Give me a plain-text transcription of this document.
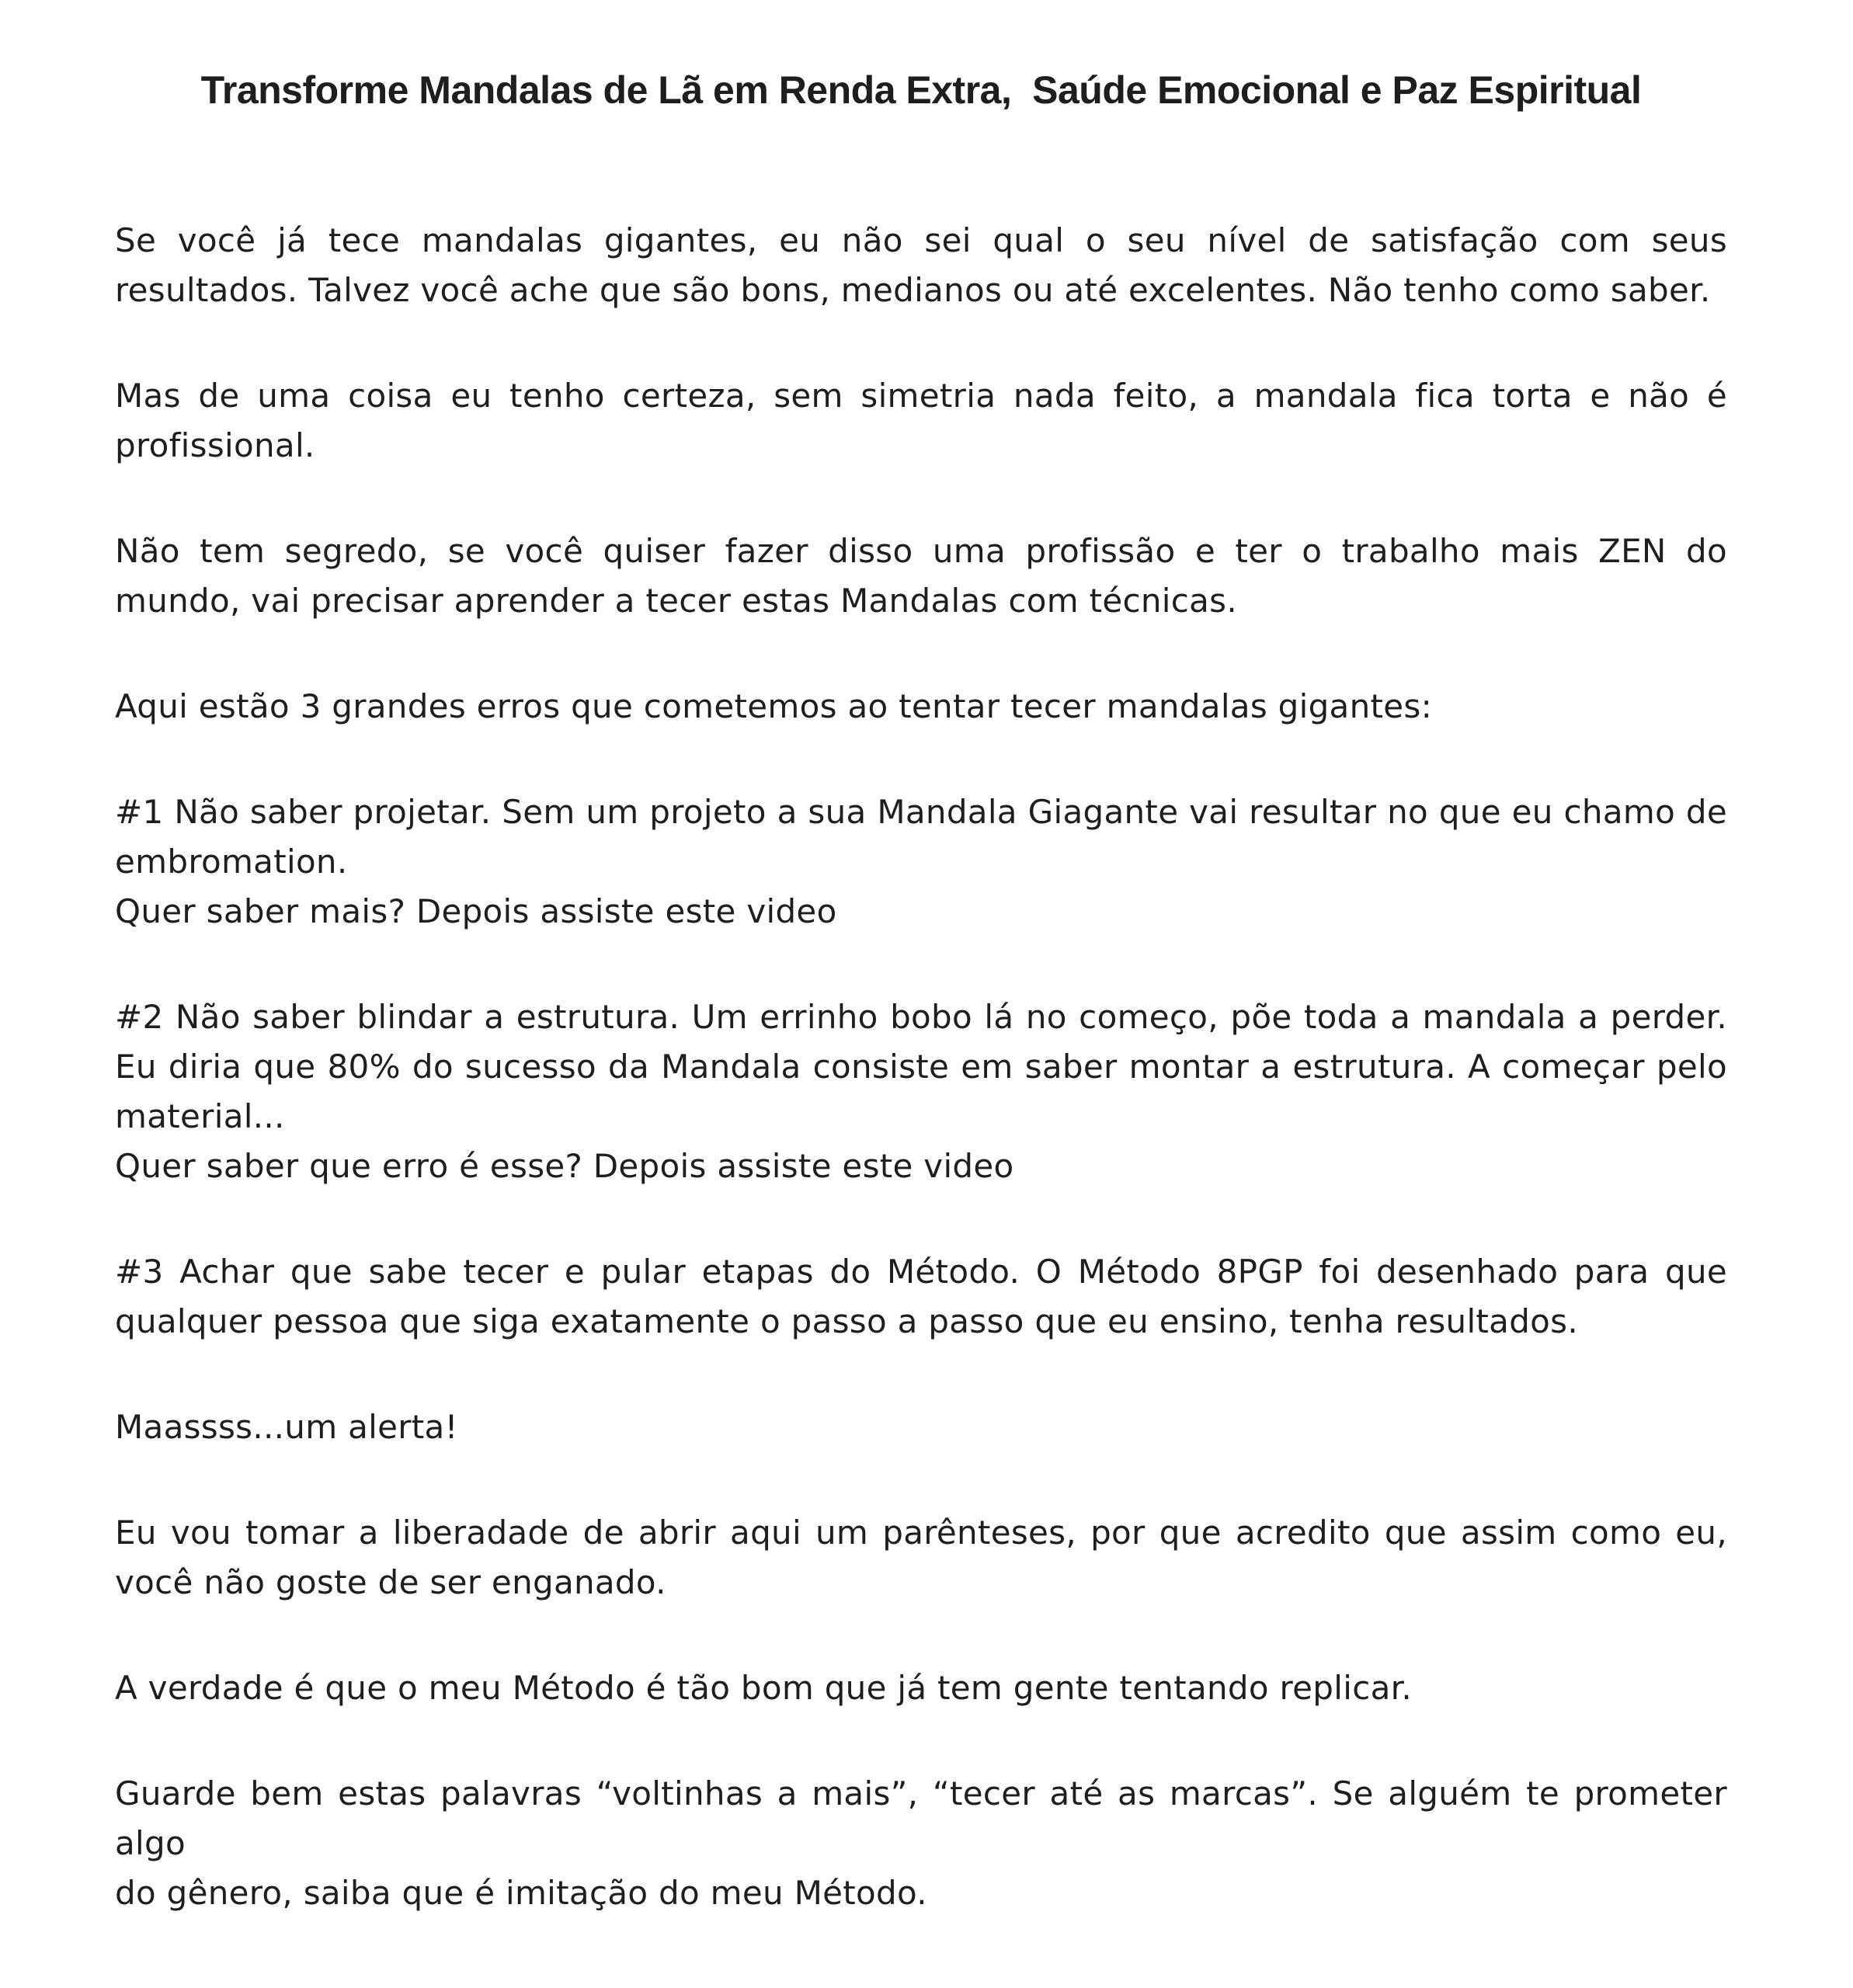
Transforme Mandalas de Lã em Renda Extra,  Saúde Emocional e Paz Espiritual

Se você já tece mandalas gigantes, eu não sei qual o seu nível de satisfação com seus
resultados. Talvez você ache que são bons, medianos ou até excelentes. Não tenho como saber.

Mas de uma coisa eu tenho certeza, sem simetria nada feito, a mandala fica torta e não é
profissional.

Não tem segredo, se você quiser fazer disso uma profissão e ter o trabalho mais ZEN do
mundo, vai precisar aprender a tecer estas Mandalas com técnicas.

Aqui estão 3 grandes erros que cometemos ao tentar tecer mandalas gigantes:

#1 Não saber projetar. Sem um projeto a sua Mandala Giagante vai resultar no que eu chamo de
embromation.
Quer saber mais? Depois assiste este video

#2 Não saber blindar a estrutura. Um errinho bobo lá no começo, põe toda a mandala a perder.
Eu diria que 80% do sucesso da Mandala consiste em saber montar a estrutura. A começar pelo
material...
Quer saber que erro é esse? Depois assiste este video

#3 Achar que sabe tecer e pular etapas do Método. O Método 8PGP foi desenhado para que
qualquer pessoa que siga exatamente o passo a passo que eu ensino, tenha resultados.

Maassss...um alerta!

Eu vou tomar a liberadade de abrir aqui um parênteses, por que acredito que assim como eu,
você não goste de ser enganado.

A verdade é que o meu Método é tão bom que já tem gente tentando replicar.

Guarde bem estas palavras “voltinhas a mais”, “tecer até as marcas”. Se alguém te prometer algo
do gênero, saiba que é imitação do meu Método.
